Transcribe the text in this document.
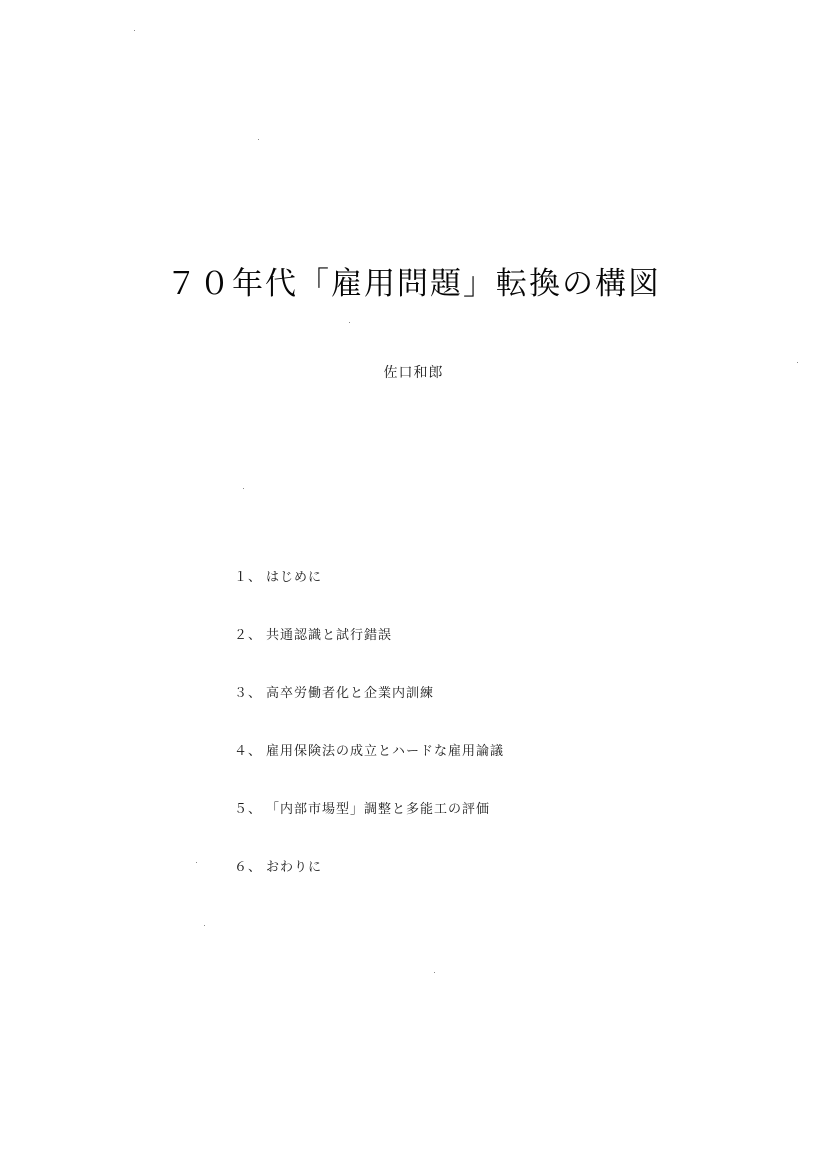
７０年代「雇用問題」転換の構図

佐口和郎

１、 はじめに
２、 共通認識と試行錯誤
３、 高卒労働者化と企業内訓練
４、 雇用保険法の成立とハードな雇用論議
５、 「内部市場型」調整と多能工の評価
６、 おわりに
